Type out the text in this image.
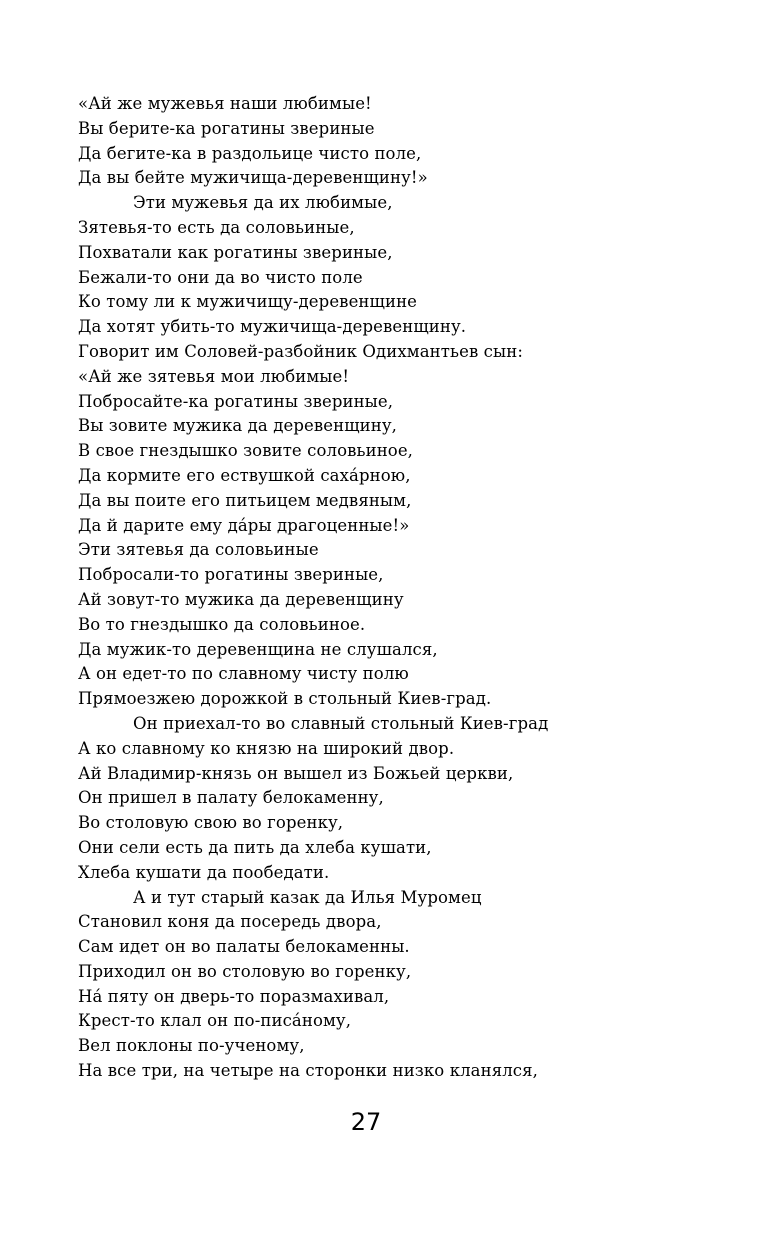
«Ай же мужевья наши любимые!
Вы берите-ка рогатины звериные
Да бегите-ка в раздольице чисто поле,
Да вы бейте мужичища-деревенщину!»
Эти мужевья да их любимые,
Зятевья-то есть да соловьиные,
Похватали как рогатины звериные,
Бежали-то они да во чисто поле
Ко тому ли к мужичищу-деревенщине
Да хотят убить-то мужичища-деревенщину.
Говорит им Соловей-разбойник Одихмантьев сын:
«Ай же зятевья мои любимые!
Побросайте-ка рогатины звериные,
Вы зовите мужика да деревенщину,
В свое гнездышко зовите соловьиное,
Да кормите его ествушкой саха́рною,
Да вы поите его питьицем медвяным,
Да й дарите ему да́ры драгоценные!»
Эти зятевья да соловьиные
Побросали-то рогатины звериные,
Ай зовут-то мужика да деревенщину
Во то гнездышко да соловьиное.
Да мужик-то деревенщина не слушался,
А он едет-то по славному чисту полю
Прямоезжею дорожкой в стольный Киев-град.
Он приехал-то во славный стольный Киев-град
А ко славному ко князю на широкий двор.
Ай Владимир-князь он вышел из Божьей церкви,
Он пришел в палату белокаменну,
Во столовую свою во горенку,
Они сели есть да пить да хлеба кушати,
Хлеба кушати да пообедати.
А и тут старый казак да Илья Муромец
Становил коня да посередь двора,
Сам идет он во палаты белокаменны.
Приходил он во столовую во горенку,
На́ пяту он дверь-то поразмахивал,
Крест-то клал он по-писа́ному,
Вел поклоны по-ученому,
На все три, на четыре на сторонки низко кланялся,
27
